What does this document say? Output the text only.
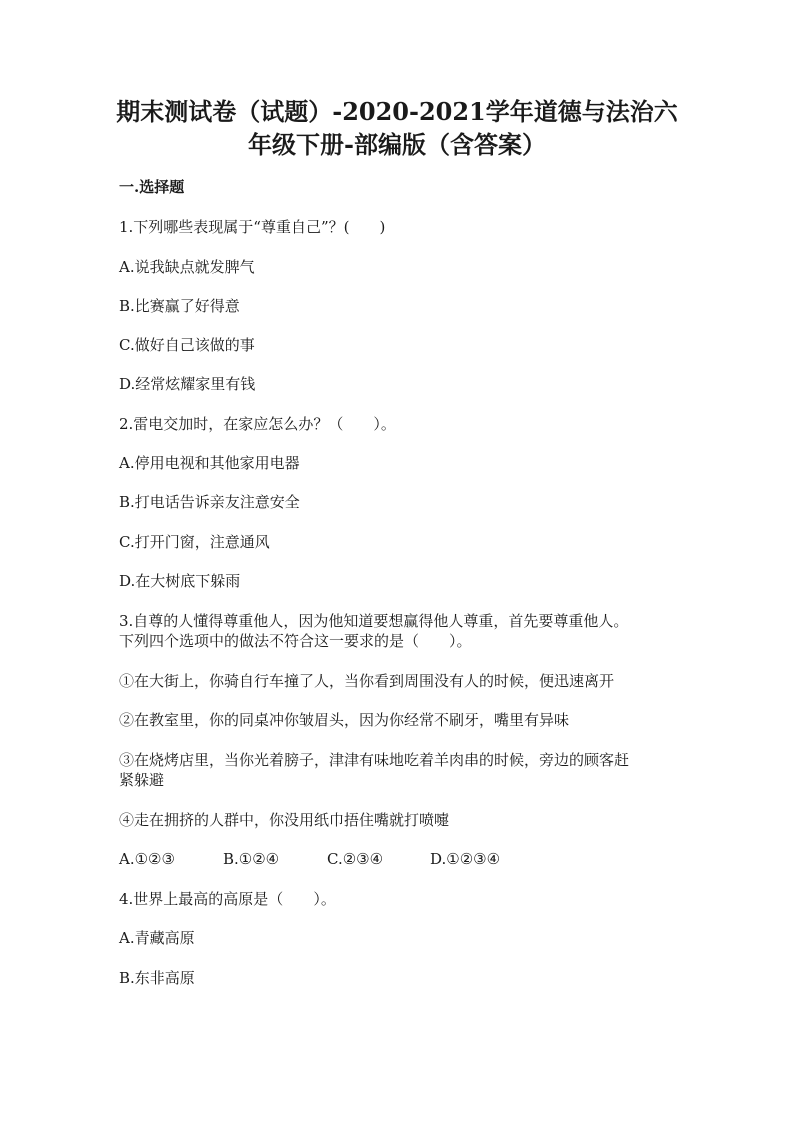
期末测试卷（试题）-2020-2021学年道德与法治六
年级下册-部编版（含答案）
一.选择题
1.下列哪些表现属于“尊重自己”？(　　)
A.说我缺点就发脾气
B.比赛赢了好得意
C.做好自己该做的事
D.经常炫耀家里有钱
2.雷电交加时，在家应怎么办？（　　）。
A.停用电视和其他家用电器
B.打电话告诉亲友注意安全
C.打开门窗，注意通风
D.在大树底下躲雨
3.自尊的人懂得尊重他人，因为他知道要想赢得他人尊重，首先要尊重他人。
下列四个选项中的做法不符合这一要求的是（　　）。
①在大街上，你骑自行车撞了人，当你看到周围没有人的时候，便迅速离开
②在教室里，你的同桌冲你皱眉头，因为你经常不刷牙，嘴里有异味
③在烧烤店里，当你光着膀子，津津有味地吃着羊肉串的时候，旁边的顾客赶
紧躲避
④走在拥挤的人群中，你没用纸巾捂住嘴就打喷嚏
A.①②③	B.①②④	C.②③④	D.①②③④
4.世界上最高的高原是（　　）。
A.青藏高原
B.东非高原
